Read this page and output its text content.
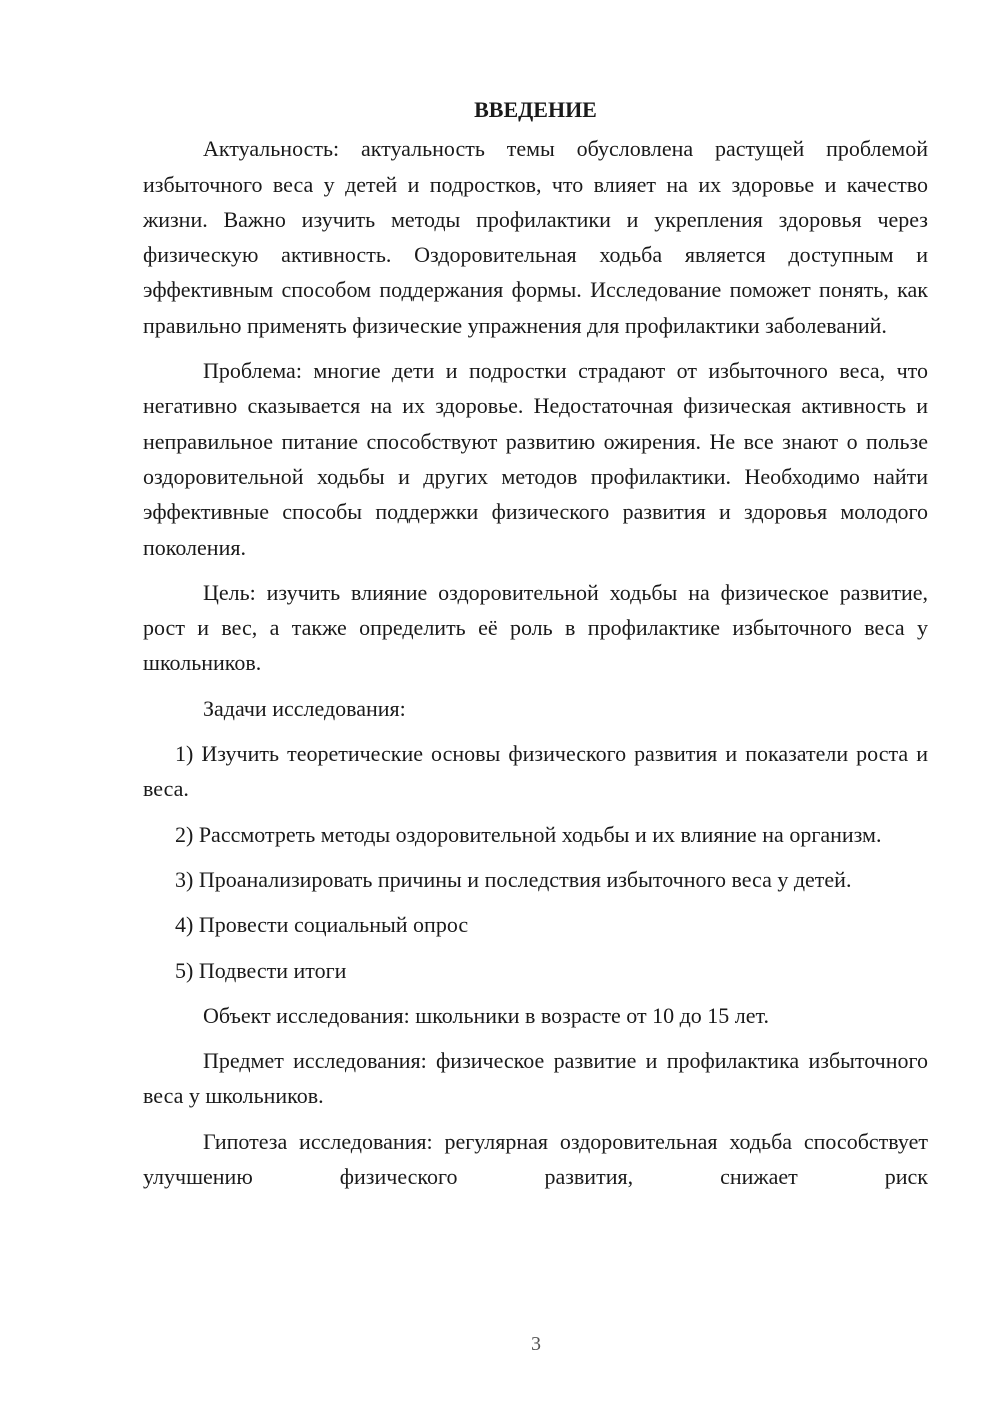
ВВЕДЕНИЕ

Актуальность: актуальность темы обусловлена растущей проблемой избыточного веса у детей и подростков, что влияет на их здоровье и качество жизни. Важно изучить методы профилактики и укрепления здоровья через физическую активность. Оздоровительная ходьба является доступным и эффективным способом поддержания формы. Исследование поможет понять, как правильно применять физические упражнения для профилактики заболеваний.

Проблема: многие дети и подростки страдают от избыточного веса, что негативно сказывается на их здоровье. Недостаточная физическая активность и неправильное питание способствуют развитию ожирения. Не все знают о пользе оздоровительной ходьбы и других методов профилактики. Необходимо найти эффективные способы поддержки физического развития и здоровья молодого поколения.

Цель: изучить влияние оздоровительной ходьбы на физическое развитие, рост и вес, а также определить её роль в профилактике избыточного веса у школьников.

Задачи исследования:

1) Изучить теоретические основы физического развития и показатели роста и веса.

2) Рассмотреть методы оздоровительной ходьбы и их влияние на организм.

3) Проанализировать причины и последствия избыточного веса у детей.

4) Провести социальный опрос

5) Подвести итоги

Объект исследования: школьники в возрасте от 10 до 15 лет.

Предмет исследования: физическое развитие и профилактика избыточного веса у школьников.

Гипотеза исследования: регулярная оздоровительная ходьба способствует улучшению физического развития, снижает риск

3
